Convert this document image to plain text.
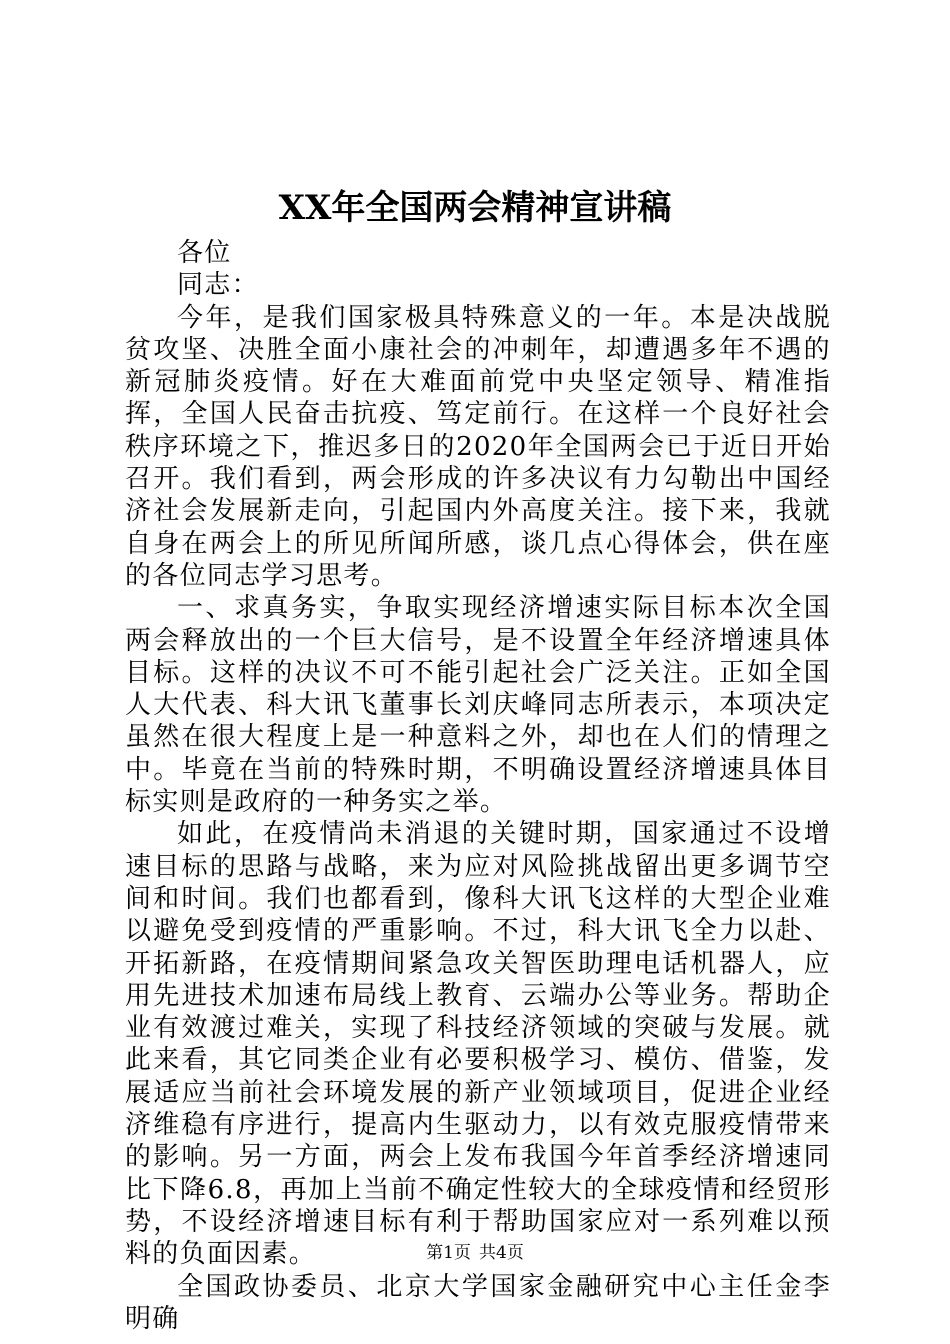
XX年全国两会精神宣讲稿

各位

同志：

今年，是我们国家极具特殊意义的一年。本是决战脱贫攻坚、决胜全面小康社会的冲刺年，却遭遇多年不遇的新冠肺炎疫情。好在大难面前党中央坚定领导、精准指挥，全国人民奋击抗疫、笃定前行。在这样一个良好社会秩序环境之下，推迟多日的2020年全国两会已于近日开始召开。我们看到，两会形成的许多决议有力勾勒出中国经济社会发展新走向，引起国内外高度关注。接下来，我就自身在两会上的所见所闻所感，谈几点心得体会，供在座的各位同志学习思考。

一、求真务实，争取实现经济增速实际目标本次全国两会释放出的一个巨大信号，是不设置全年经济增速具体目标。这样的决议不可不能引起社会广泛关注。正如全国人大代表、科大讯飞董事长刘庆峰同志所表示，本项决定虽然在很大程度上是一种意料之外，却也在人们的情理之中。毕竟在当前的特殊时期，不明确设置经济增速具体目标实则是政府的一种务实之举。

如此，在疫情尚未消退的关键时期，国家通过不设增速目标的思路与战略，来为应对风险挑战留出更多调节空间和时间。我们也都看到，像科大讯飞这样的大型企业难以避免受到疫情的严重影响。不过，科大讯飞全力以赴、开拓新路，在疫情期间紧急攻关智医助理电话机器人，应用先进技术加速布局线上教育、云端办公等业务。帮助企业有效渡过难关，实现了科技经济领域的突破与发展。就此来看，其它同类企业有必要积极学习、模仿、借鉴，发展适应当前社会环境发展的新产业领域项目，促进企业经济维稳有序进行，提高内生驱动力，以有效克服疫情带来的影响。另一方面，两会上发布我国今年首季经济增速同比下降6.8，再加上当前不确定性较大的全球疫情和经贸形势，不设经济增速目标有利于帮助国家应对一系列难以预料的负面因素。

全国政协委员、北京大学国家金融研究中心主任金李明确

第1页 共4页
